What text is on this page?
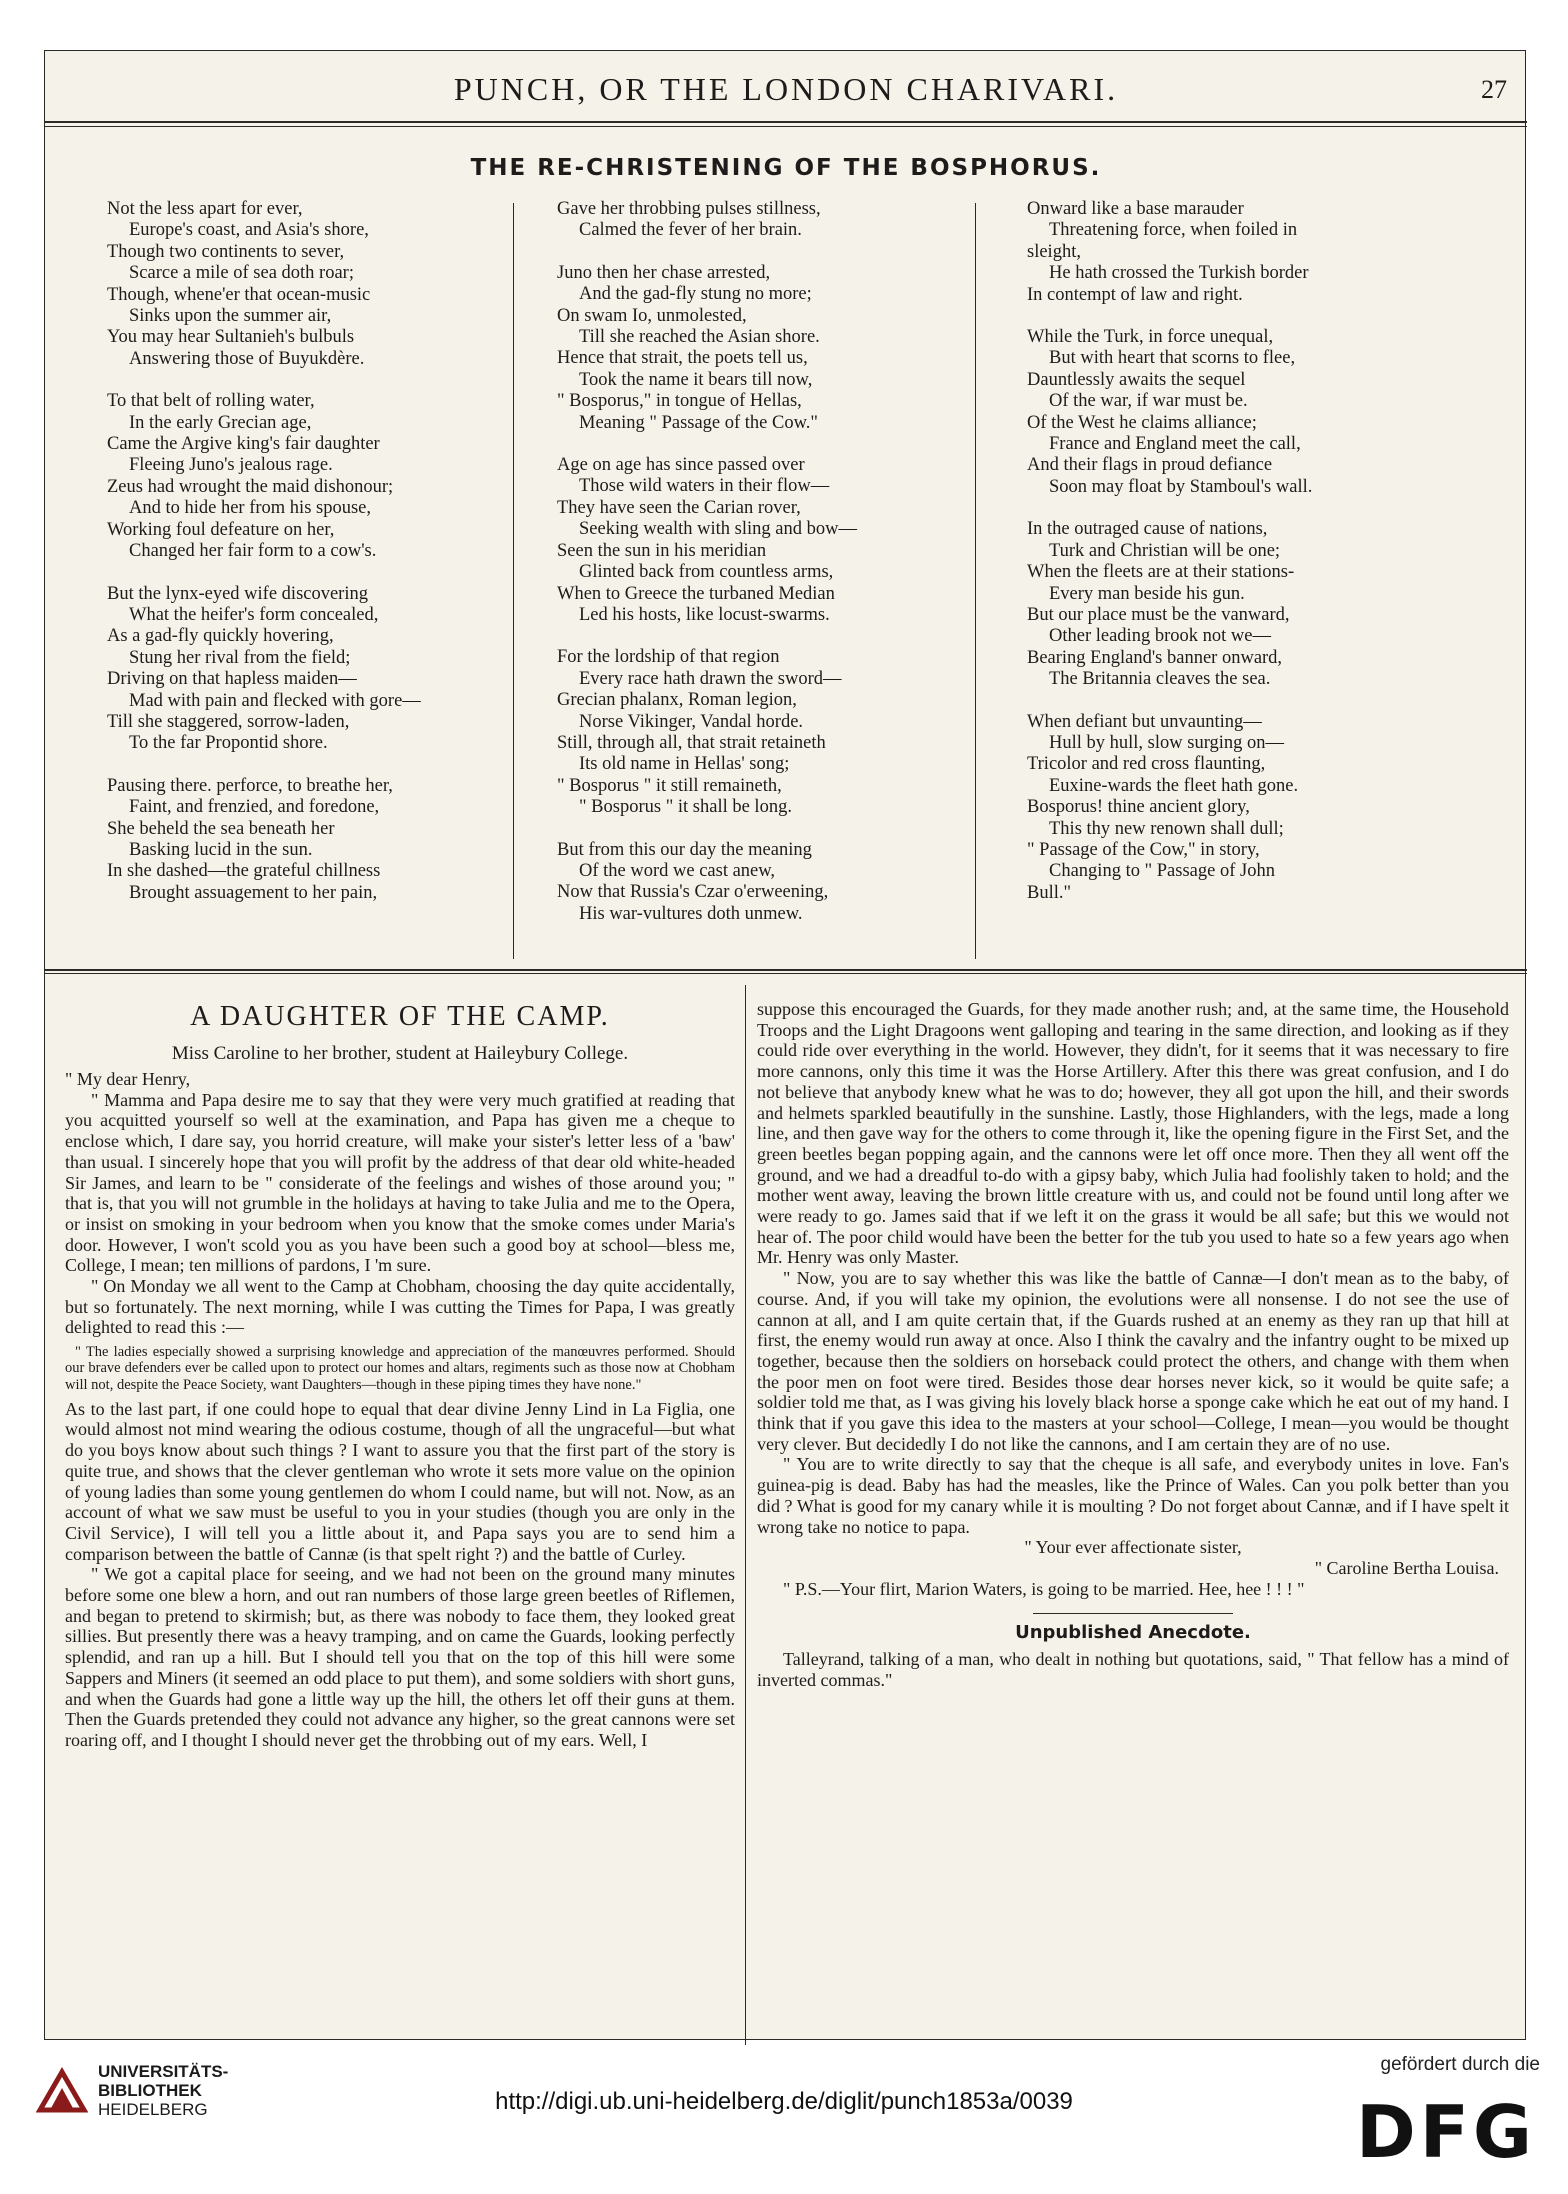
PUNCH, OR THE LONDON CHARIVARI.	27
THE RE-CHRISTENING OF THE BOSPHORUS.
Not the less apart for ever,
Europe's coast, and Asia's shore,
Though two continents to sever,
Scarce a mile of sea doth roar;
Though, whene'er that ocean-music
Sinks upon the summer air,
You may hear Sultanieh's bulbuls
Answering those of Buyukdère.
To that belt of rolling water,
In the early Grecian age,
Came the Argive king's fair daughter
Fleeing Juno's jealous rage.
Zeus had wrought the maid dishonour;
And to hide her from his spouse,
Working foul defeature on her,
Changed her fair form to a cow's.
But the lynx-eyed wife discovering
What the heifer's form concealed,
As a gad-fly quickly hovering,
Stung her rival from the field;
Driving on that hapless maiden—
Mad with pain and flecked with gore—
Till she staggered, sorrow-laden,
To the far Propontid shore.
Pausing there. perforce, to breathe her,
Faint, and frenzied, and foredone,
She beheld the sea beneath her
Basking lucid in the sun.
In she dashed—the grateful chillness
Brought assuagement to her pain,
Gave her throbbing pulses stillness,
Calmed the fever of her brain.
Juno then her chase arrested,
And the gad-fly stung no more;
On swam Io, unmolested,
Till she reached the Asian shore.
Hence that strait, the poets tell us,
Took the name it bears till now,
" Bosporus," in tongue of Hellas,
Meaning " Passage of the Cow."
Age on age has since passed over
Those wild waters in their flow—
They have seen the Carian rover,
Seeking wealth with sling and bow—
Seen the sun in his meridian
Glinted back from countless arms,
When to Greece the turbaned Median
Led his hosts, like locust-swarms.
For the lordship of that region
Every race hath drawn the sword—
Grecian phalanx, Roman legion,
Norse Vikinger, Vandal horde.
Still, through all, that strait retaineth
Its old name in Hellas' song;
" Bosporus " it still remaineth,
" Bosporus " it shall be long.
But from this our day the meaning
Of the word we cast anew,
Now that Russia's Czar o'erweening,
His war-vultures doth unmew.
Onward like a base marauder
Threatening force, when foiled in
sleight,
He hath crossed the Turkish border
In contempt of law and right.
While the Turk, in force unequal,
But with heart that scorns to flee,
Dauntlessly awaits the sequel
Of the war, if war must be.
Of the West he claims alliance;
France and England meet the call,
And their flags in proud defiance
Soon may float by Stamboul's wall.
In the outraged cause of nations,
Turk and Christian will be one;
When the fleets are at their stations-
Every man beside his gun.
But our place must be the vanward,
Other leading brook not we—
Bearing England's banner onward,
The Britannia cleaves the sea.
When defiant but unvaunting—
Hull by hull, slow surging on—
Tricolor and red cross flaunting,
Euxine-wards the fleet hath gone.
Bosporus! thine ancient glory,
This thy new renown shall dull;
" Passage of the Cow," in story,
Changing to " Passage of John
Bull."
A DAUGHTER OF THE CAMP.
Miss Caroline to her brother, student at Haileybury College.

" My dear Henry,

" Mamma and Papa desire me to say that they were very much gratified at reading that you acquitted yourself so well at the examination, and Papa has given me a cheque to enclose which, I dare say, you horrid creature, will make your sister's letter less of a 'baw' than usual. I sincerely hope that you will profit by the address of that dear old white-headed Sir James, and learn to be " considerate of the feelings and wishes of those around you; " that is, that you will not grumble in the holidays at having to take Julia and me to the Opera, or insist on smoking in your bedroom when you know that the smoke comes under Maria's door. However, I won't scold you as you have been such a good boy at school—bless me, College, I mean; ten millions of pardons, I 'm sure.

" On Monday we all went to the Camp at Chobham, choosing the day quite accidentally, but so fortunately. The next morning, while I was cutting the Times for Papa, I was greatly delighted to read this :—

" The ladies especially showed a surprising knowledge and appreciation of the manœuvres performed. Should our brave defenders ever be called upon to protect our homes and altars, regiments such as those now at Chobham will not, despite the Peace Society, want Daughters—though in these piping times they have none."

As to the last part, if one could hope to equal that dear divine Jenny Lind in La Figlia, one would almost not mind wearing the odious costume, though of all the ungraceful—but what do you boys know about such things ? I want to assure you that the first part of the story is quite true, and shows that the clever gentleman who wrote it sets more value on the opinion of young ladies than some young gentlemen do whom I could name, but will not. Now, as an account of what we saw must be useful to you in your studies (though you are only in the Civil Service), I will tell you a little about it, and Papa says you are to send him a comparison between the battle of Cannæ (is that spelt right ?) and the battle of Curley.

" We got a capital place for seeing, and we had not been on the ground many minutes before some one blew a horn, and out ran numbers of those large green beetles of Riflemen, and began to pretend to skirmish; but, as there was nobody to face them, they looked great sillies. But presently there was a heavy tramping, and on came the Guards, looking perfectly splendid, and ran up a hill. But I should tell you that on the top of this hill were some Sappers and Miners (it seemed an odd place to put them), and some soldiers with short guns, and when the Guards had gone a little way up the hill, the others let off their guns at them. Then the Guards pretended they could not advance any higher, so the great cannons were set roaring off, and I thought I should never get the throbbing out of my ears. Well, I

suppose this encouraged the Guards, for they made another rush; and, at the same time, the Household Troops and the Light Dragoons went galloping and tearing in the same direction, and looking as if they could ride over everything in the world. However, they didn't, for it seems that it was necessary to fire more cannons, only this time it was the Horse Artillery. After this there was great confusion, and I do not believe that anybody knew what he was to do; however, they all got upon the hill, and their swords and helmets sparkled beautifully in the sunshine. Lastly, those Highlanders, with the legs, made a long line, and then gave way for the others to come through it, like the opening figure in the First Set, and the green beetles began popping again, and the cannons were let off once more. Then they all went off the ground, and we had a dreadful to-do with a gipsy baby, which Julia had foolishly taken to hold; and the mother went away, leaving the brown little creature with us, and could not be found until long after we were ready to go. James said that if we left it on the grass it would be all safe; but this we would not hear of. The poor child would have been the better for the tub you used to hate so a few years ago when Mr. Henry was only Master.

" Now, you are to say whether this was like the battle of Cannæ—I don't mean as to the baby, of course. And, if you will take my opinion, the evolutions were all nonsense. I do not see the use of cannon at all, and I am quite certain that, if the Guards rushed at an enemy as they ran up that hill at first, the enemy would run away at once. Also I think the cavalry and the infantry ought to be mixed up together, because then the soldiers on horseback could protect the others, and change with them when the poor men on foot were tired. Besides those dear horses never kick, so it would be quite safe; a soldier told me that, as I was giving his lovely black horse a sponge cake which he eat out of my hand. I think that if you gave this idea to the masters at your school—College, I mean—you would be thought very clever. But decidedly I do not like the cannons, and I am certain they are of no use.

" You are to write directly to say that the cheque is all safe, and everybody unites in love. Fan's guinea-pig is dead. Baby has had the measles, like the Prince of Wales. Can you polk better than you did ? What is good for my canary while it is moulting ? Do not forget about Cannæ, and if I have spelt it wrong take no notice to papa.

" Your ever affectionate sister,

" Caroline Bertha Louisa.

" P.S.—Your flirt, Marion Waters, is going to be married. Hee, hee ! ! ! "

Unpublished Anecdote.

Talleyrand, talking of a man, who dealt in nothing but quotations, said, " That fellow has a mind of inverted commas."

UNIVERSITÄTS-
BIBLIOTHEK
HEIDELBERG	http://digi.ub.uni-heidelberg.de/diglit/punch1853a/0039
gefördert durch die
DFG
